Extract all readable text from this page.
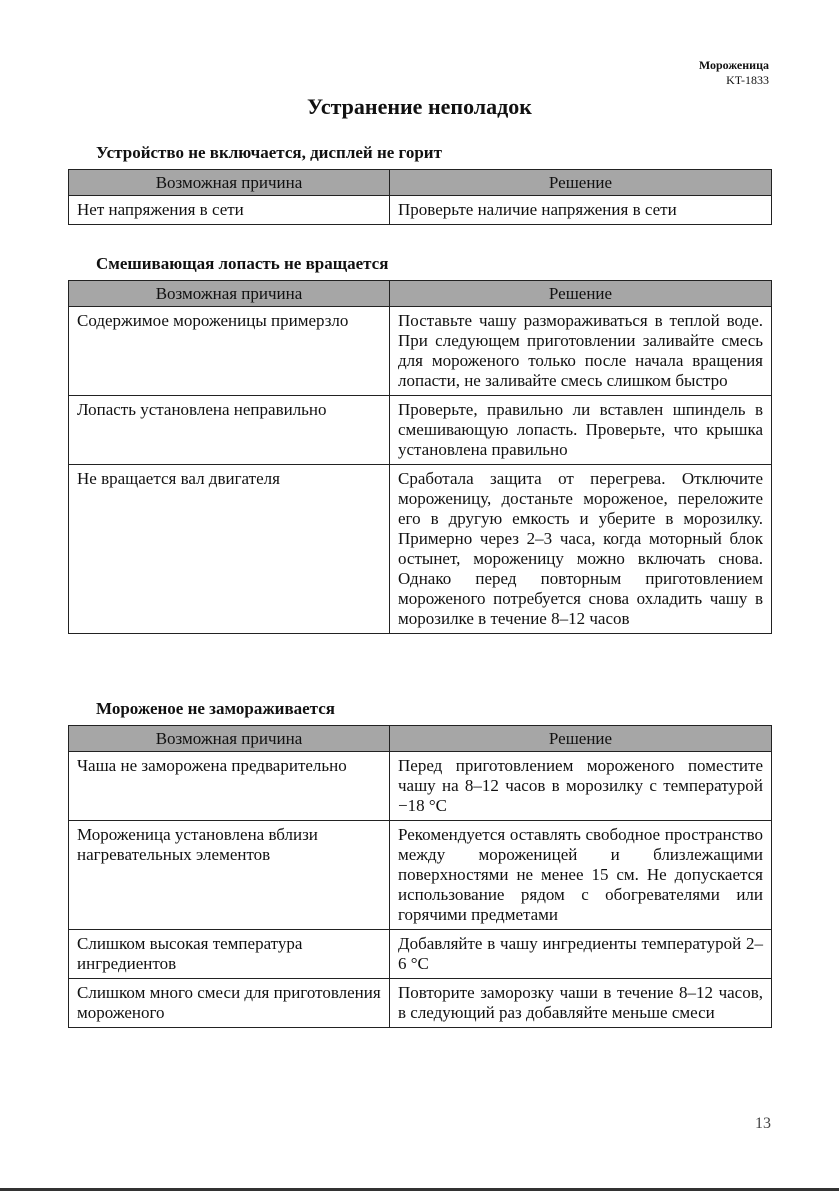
Мороженица
KT-1833
Устранение неполадок
Устройство не включается, дисплей не горит
Возможная причина	Решение
Нет напряжения в сети	Проверьте наличие напряжения в сети
Смешивающая лопасть не вращается
Возможная причина	Решение
Содержимое мороженицы примерзло	Поставьте чашу размораживаться в теплой воде. При следующем приготовлении заливайте смесь для мороженого только после начала вращения лопасти, не заливайте смесь слишком быстро
Лопасть установлена неправильно	Проверьте, правильно ли вставлен шпиндель в смешивающую лопасть. Проверьте, что крышка установлена правильно
Не вращается вал двигателя	Сработала защита от перегрева. Отключите мороженицу, достаньте мороженое, переложите его в другую емкость и уберите в морозилку. Примерно через 2–3 часа, когда моторный блок остынет, мороженицу можно включать снова. Однако перед повторным приготовлением мороженого потребуется снова охладить чашу в морозилке в течение 8–12 часов
Мороженое не замораживается
Возможная причина	Решение
Чаша не заморожена предварительно	Перед приготовлением мороженого поместите чашу на 8–12 часов в морозилку с температурой −18 °С
Мороженица установлена вблизи нагревательных элементов	Рекомендуется оставлять свободное пространство между мороженицей и близлежащими поверхностями не менее 15 см. Не допускается использование рядом с обогревателями или горячими предметами
Слишком высокая температура ингредиентов	Добавляйте в чашу ингредиенты температурой 2–6 °С
Слишком много смеси для приготовления мороженого	Повторите заморозку чаши в течение 8–12 часов, в следующий раз добавляйте меньше смеси
13
